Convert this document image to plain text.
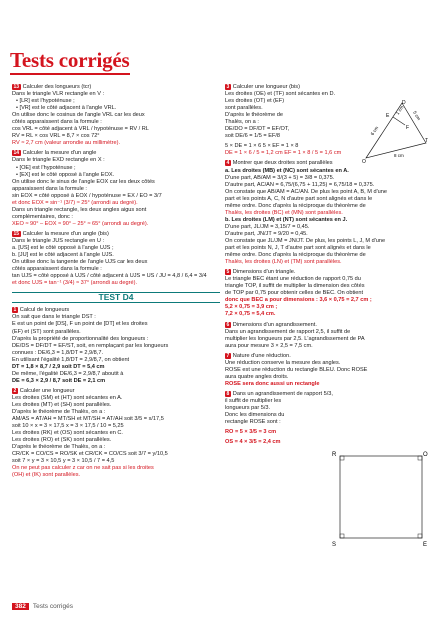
Tests corrigés
13 Calculer des longueurs (tcr)
Dans le triangle VLR rectangle en V :
• [LR] est l'hypoténuse ;
• [VR] est le côté adjacent à l'angle VRL.
On utilise donc le cosinus de l'angle VRL car les deux
côtés apparaissent dans la formule :
cos VRL = côté adjacent à VRL / hypoténuse = RV / RL
RV = RL × cos VRL = 8,7 × cos 72°
RV ≈ 2,7 cm (valeur arrondie au millimètre).
14 Calculer la mesure d'un angle
Dans le triangle EXD rectangle en X :
• [OE] est l'hypoténuse ;
• [EX] est le côté opposé à l'angle EOX.
On utilise donc le sinus de l'angle EOX car les deux côtés
apparaissent dans la formule :
sin EOX = côté opposé à EOX / hypoténuse = EX / EO = 3/7
et donc EOX = sin⁻¹ (3/7) ≈ 25° (arrondi au degré).
Dans un triangle rectangle, les deux angles aigus sont
complémentaires, donc :
XEO ≈ 90° – EOX ≈ 90° – 25° ≈ 65° (arrondi au degré).
15 Calculer la mesure d'un angle (bis)
Dans le triangle JUS rectangle en U :
a. [US] est le côté opposé à l'angle UJS ;
b. [JU] est le côté adjacent à l'angle UJS.
On utilise donc la tangente de l'angle UJS car les deux
côtés apparaissent dans la formule :
tan UJS = côté opposé à UJS / côté adjacent à UJS = US / JU = 4,8 / 6,4 = 3/4
et donc UJS = tan⁻¹ (3/4) ≈ 37° (arrondi au degré).
TEST D4
1 Calcul de longueurs
On sait que dans le triangle DST :
E est un point de [DS], F un point de [DT] et les droites
(EF) et (ST) sont parallèles.
D'après la propriété de proportionnalité des longueurs :
DE/DS = DF/DT = EF/ST, soit, en remplaçant par les longueurs
connues : DE/6,3 = 1,8/DT = 2,9/8,7.
En utilisant l'égalité 1,8/DT = 2,9/8,7, on obtient
DT = 1,8 × 8,7 / 2,9 soit DT = 5,4 cm
De même, l'égalité DE/6,3 = 2,9/8,7 aboutit à
DE = 6,3 × 2,9 / 8,7 soit DE = 2,1 cm
2 Calculer une longueur
Les droites (SM) et (HT) sont sécantes en A.
Les droites (MT) et (SH) sont parallèles.
D'après le théorème de Thalès, on a :
AM/AS = AT/AH = MT/SH et MT/SH = AT/AH soit 3/5 = x/17,5
soit 10 × x = 3 × 17,5 x = 3 × 17,5 / 10 = 5,25
Les droites (RK) et (OS) sont sécantes en C.
Les droites (RO) et (SK) sont parallèles.
D'après le théorème de Thalès, on a :
CR/CK = CO/CS = RO/SK et CR/CK = CO/CS soit 3/7 = y/10,5
soit 7 × y = 3 × 10,5 y = 3 × 10,5 / 7 = 4,5
On ne peut pas calculer z car on ne sait pas si les droites
(OH) et (IK) sont parallèles.
3 Calculer une longueur (bis)
Les droites (OE) et (TF) sont sécantes en D.
Les droites (OT) et (EF)
sont parallèles.
D'après le théorème de
Thalès, on a :
DE/DO = DF/DT = EF/OT,
soit DE/6 = 1/5 = EF/8
5 × DE = 1 × 6 5 × EF = 1 × 8
DE = 1 × 6 / 5 = 1,2 cm EF = 1 × 8 / 5 = 1,6 cm
4 Montrer que deux droites sont parallèles
a. Les droites (MB) et (NC) sont sécantes en A.
D'une part, AB/AM = 3/(3 + 5) = 3/8 = 0,375.
D'autre part, AC/AN = 6,75/(6,75 + 11,25) = 6,75/18 = 0,375.
On constate que AB/AM = AC/AN. De plus les point A, B, M d'une
part et les points A, C, N d'autre part sont alignés et dans le
même ordre. Donc d'après la réciproque du théorème de
Thalès, les droites (BC) et (MN) sont parallèles.
b. Les droites (LM) et (NT) sont sécantes en J.
D'une part, JL/JM = 3,15/7 = 0,45.
D'autre part, JN/JT = 9/20 = 0,45.
On constate que JL/JM = JN/JT. De plus, les points L, J, M d'une
part et les points N, J, T d'autre part sont alignés et dans le
même ordre. Donc d'après la réciproque du théorème de
Thalès, les droites (LN) et (TM) sont parallèles.
5 Dimensions d'un triangle.
Le triangle BEC étant une réduction de rapport 0,75 du
triangle TOP, il suffit de multiplier la dimension des côtés
de TOP par 0,75 pour obtenir celles de BEC. On obtient
donc que BEC a pour dimensions : 3,6 × 0,75 = 2,7 cm ;
5,2 × 0,75 = 3,9 cm ;
7,2 × 0,75 = 5,4 cm.
6 Dimensions d'un agrandissement.
Dans un agrandissement de rapport 2,5, il suffit de
multiplier les longueurs par 2,5. L'agrandissement de PA
aura pour mesure 3 × 2,5 = 7,5 cm.
7 Nature d'une réduction.
Une réduction conserve la mesure des angles.
ROSE est une réduction du rectangle BLEU. Donc ROSE
aura quatre angles droits.
ROSE sera donc aussi un rectangle
8 Dans un agrandissement de rapport 5/3,
il suffit de multiplier les
longueurs par 5/3.
Donc les dimensions du
rectangle ROSE sont :
RO = 5 × 3/5 = 3 cm
OS = 4 × 3/5 = 2,4 cm
E
D
T
O
F
6 cm
1 cm
5 cm
8 cm
R	O
S	E
382 Tests corrigés
